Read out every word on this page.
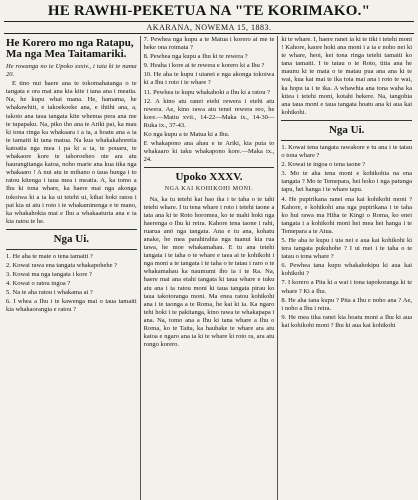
HE RAWHI-PEKETUA NA "TE KORIMAKO."
AKARANA, NOWEMA 15, 1883.
He Korero mo nga Ratapu, Ma nga Mea Taitamariki.

He rowanga no te Upoko xxxiv., i taia ki te nama 20.

E tino nui haere ana te tokomahatanga o te tangata e ora mai ana kia kite i tana ana i meatia. Na, he kupu whai mana. He, hamama, he whakawhiti, e takoekoeke ana, e ihiihi ana, a, takoto ana taua tangata kite whenua pera ana me te tupapaku. Na, piko iho ana te Ariki pai, ka mau ki tona ringa ka whakaara i a ia, a hoatu ana a ia te tamaiti ki tana matua. Na kua whakakahoretia katoatia nga mea i pa ki a ia, te pouaru, te whakaore kore te tahoroeheo ote ara atu haurangitanga katoa, noho marie ana kua tika nga whakaaro ! A nui atu te mihano o taua hunga i to ratou kitenga i taua mea i meatia. A, ka tomo a Ihu ki tona whare, ka haere mai nga akonga tokoiwa ki a ia ka ui tetehi ui, kihai hoki ratou i pai kia ui atu i roto i te whakaminenga e te mano, ka whakahokia mai e Ihu a whakaaturia ana e ia kia ratou te he.

Nga Ui.

1. He aha te mate o tena tamaiti ?

2. Kowai rawa ena tangata whakapohehe ?

3. Kowai ma nga tangata i kore ?

4. Kowai o ratou ingoa ?

5. Na te aha ratou i whakama ai ?

6. I whea a Ihu i te kawenga mai o taua tamaiti kia whakaorangia e ratou ?

7. Pewhea nga kupu a te Matua i korero ai me te heke ona roimata ?

8. Pewhea nga kupu a Ihu ki te rewera ?

9. Heaha i kore ai te rewera e korero ki a Ihu ?

10. He aha te kupu i uianei e nga akonga tokoiwa ki a Ihu i roto i te whare ?

11. Pewhea te kupu whakahoki a Ihu ki a ratou ?

12. A kino atu ranei etehi rewera i etehi atu rewera. Ae, kino rawa atu tenei rewera reo, he kore.—Matiu xvii., 14-22—Maka ix., 14-30—Ruka ix., 37-43.

Ko nga kupu a te Matua ki a Ihu.

E whakapono ana ahau e te Ariki, kia puta to whakaaro ki taku whakapono kore.—Maka ix., 24.

Upoko XXXV.
NGA KAI KOHIKOHI MONI.

Na, ka tu tetehi kai hao ika i te taha o te tahi tetehi whare. I tu tena whare i roto i tetehi taone a tata ana ki te Roto horomea, ko te mahi hoki nga haerenga o Ihu ki reira. Kahore tena taone i rahi, ruarua anō nga tangata. Ana e tu ana, kohatu anake, he mea parahirahia nga tuanui kia rua tawa, he moe whakamahau. E tu ana tetehi tangata i te taha o te whare e taea ai te kohikohi i nga moni a te tangata i te taha o te tatau i raro o te whakamahau ka naumumi iho ia i te Ra. Na, haere mai ana etahi tangata ki taua whare e tuku atu ana i ta ratou moni ki taua tangata pirau ko taua takotoranga moni. Ma enea ratou kohikohi ana i te taonga a te Roma, he kai ki ia. Ka ngaro tehi hoki i te pakitanga, kino rawa te whakapapa i ana. Na, tomo ana a Ihu ki tana whare a Ihu o Roma, ko te Taita, ka hauhake te whare ara atu katoa e ngaro ana ia ki te whare ki roto ra, ara atu rongo korero.

ki te whare. I, haere ranei ia ki te tiki i tetehi moni ! Kahore, kaore hoki ana moni i a ia e noho nei ki te whare, heoi, kei tona ringa tetehi tamaiti ko tana tamaiti. I te tatau o te Roto, titia ana he maunu ki te mata o te matau pua ana ana ki te wai, kua kai mai te ika toia mai ana i roto te wai, ka hopu ia i te ika. A whawhia ana tona waha ka kitea i tetehi moni, kotahi hekere. Na, tangohia ana taua moni e taua tangata hoatu ana ki aua kai kohikohi.

Nga Ui.

1. Kowai tena tangata rawakore e tu ana i te tatau o tona whare ?

2. Kowai te ingoa o tena taone ?

3. Mo te aha tena moni e kohikohia na ena tangata ? Mo te Temepara, hei hoko i nga patunga tapu, hei hanga i te whare tapu.

4. He pupirikana ranei ena kai kohikohi moni ? Kahore, e kohikohi ana nga pupirikana i te taha ko hui rawa ma Hiha te Kingi o Roma, ko enei tangata i a kohikohi moni hei mea hei hanga i te Temepara a te Atua.

5. He aha te kupu i uia nei e aua kai kohikohi ki tera tangata pukuhohe ? I ui mei i te taha o te tatau o tona whare ?

6. Pewhea tana kupu whakahokipu ki aua kai kohikohi ?

7. I korero a Pita ki a wai i tona tapokoranga ki te whare ? Ki a Ihu.

8. He aha tana kupu ? Pita a Ihu e noho ana ? Ae, i noho a Ihu i reira.

9. He mea tika ranei kia hoatu moni a Ihu ki aua kai kohikohi moni ? Ihu ki aua kai kohikohi
